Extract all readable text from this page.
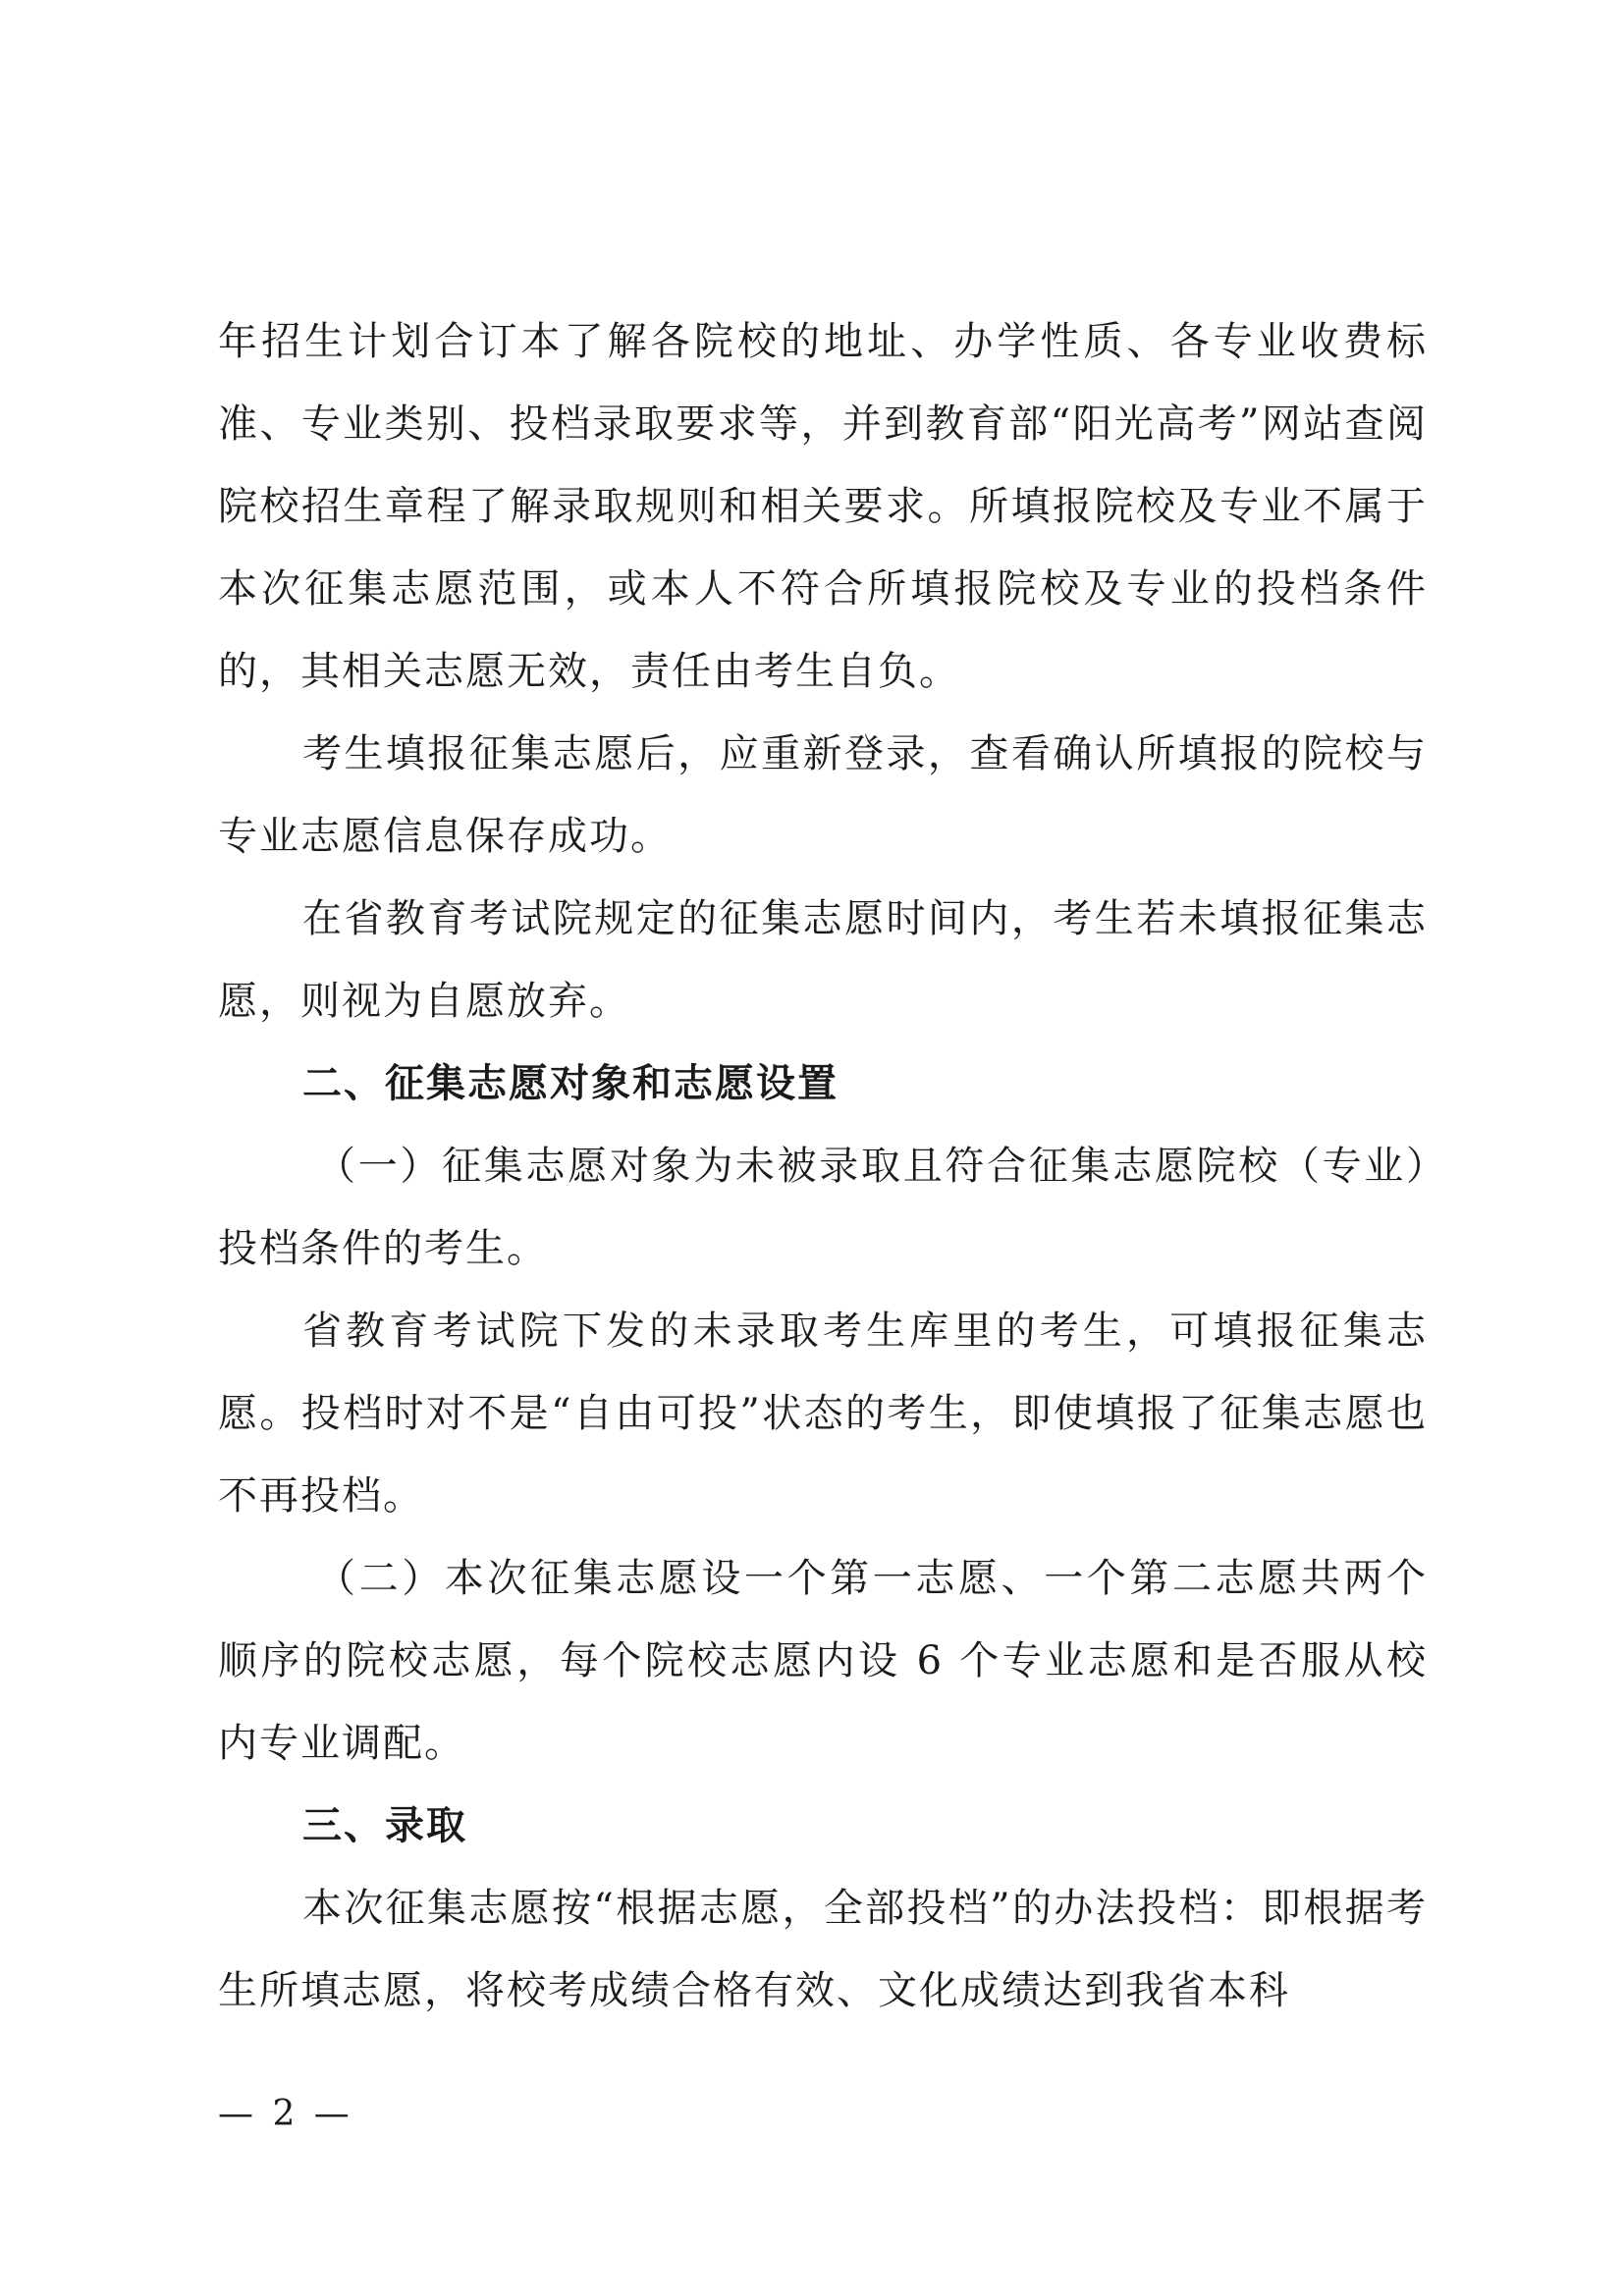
年招生计划合订本了解各院校的地址、办学性质、各专业收费标准、专业类别、投档录取要求等，并到教育部“阳光高考”网站查阅院校招生章程了解录取规则和相关要求。所填报院校及专业不属于本次征集志愿范围，或本人不符合所填报院校及专业的投档条件的，其相关志愿无效，责任由考生自负。

考生填报征集志愿后，应重新登录，查看确认所填报的院校与专业志愿信息保存成功。

在省教育考试院规定的征集志愿时间内，考生若未填报征集志愿，则视为自愿放弃。

二、征集志愿对象和志愿设置

（一）征集志愿对象为未被录取且符合征集志愿院校（专业）投档条件的考生。

省教育考试院下发的未录取考生库里的考生，可填报征集志愿。投档时对不是“自由可投”状态的考生，即使填报了征集志愿也不再投档。

（二）本次征集志愿设一个第一志愿、一个第二志愿共两个顺序的院校志愿，每个院校志愿内设 6 个专业志愿和是否服从校内专业调配。

三、录取

本次征集志愿按“根据志愿，全部投档”的办法投档：即根据考生所填志愿，将校考成绩合格有效、文化成绩达到我省本科

— 2 —
